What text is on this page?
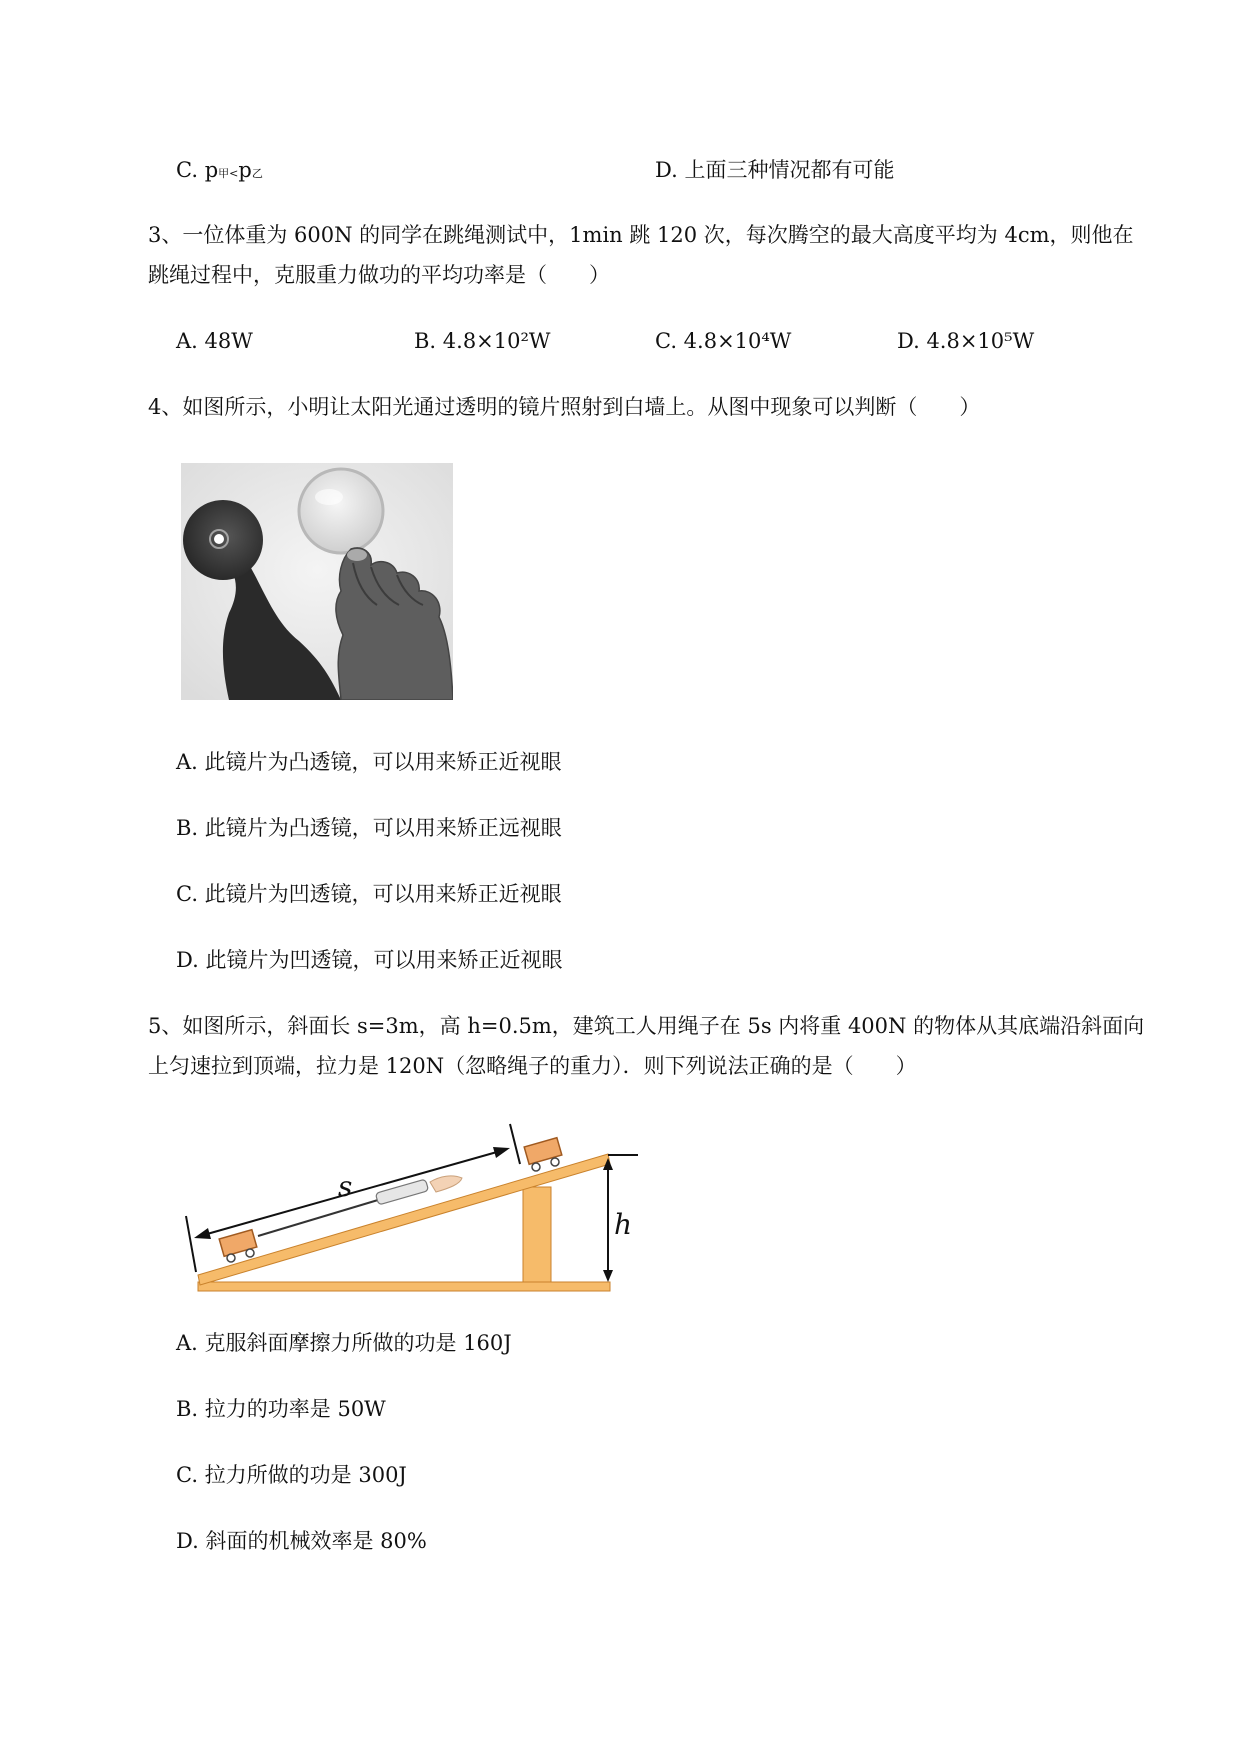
C. p甲<p乙	D. 上面三种情况都有可能
3、一位体重为 600N 的同学在跳绳测试中，1min 跳 120 次，每次腾空的最大高度平均为 4cm，则他在
跳绳过程中，克服重力做功的平均功率是（　　）
A. 48W	B. 4.8×10²W	C. 4.8×10⁴W	D. 4.8×10⁵W
4、如图所示，小明让太阳光通过透明的镜片照射到白墙上。从图中现象可以判断（　　）
A. 此镜片为凸透镜，可以用来矫正近视眼
B. 此镜片为凸透镜，可以用来矫正远视眼
C. 此镜片为凹透镜，可以用来矫正近视眼
D. 此镜片为凹透镜，可以用来矫正近视眼
5、如图所示，斜面长 s=3m，高 h=0.5m，建筑工人用绳子在 5s 内将重 400N 的物体从其底端沿斜面向
上匀速拉到顶端，拉力是 120N（忽略绳子的重力）．则下列说法正确的是（　　）
h
s
A. 克服斜面摩擦力所做的功是 160J
B. 拉力的功率是 50W
C. 拉力所做的功是 300J
D. 斜面的机械效率是 80%
